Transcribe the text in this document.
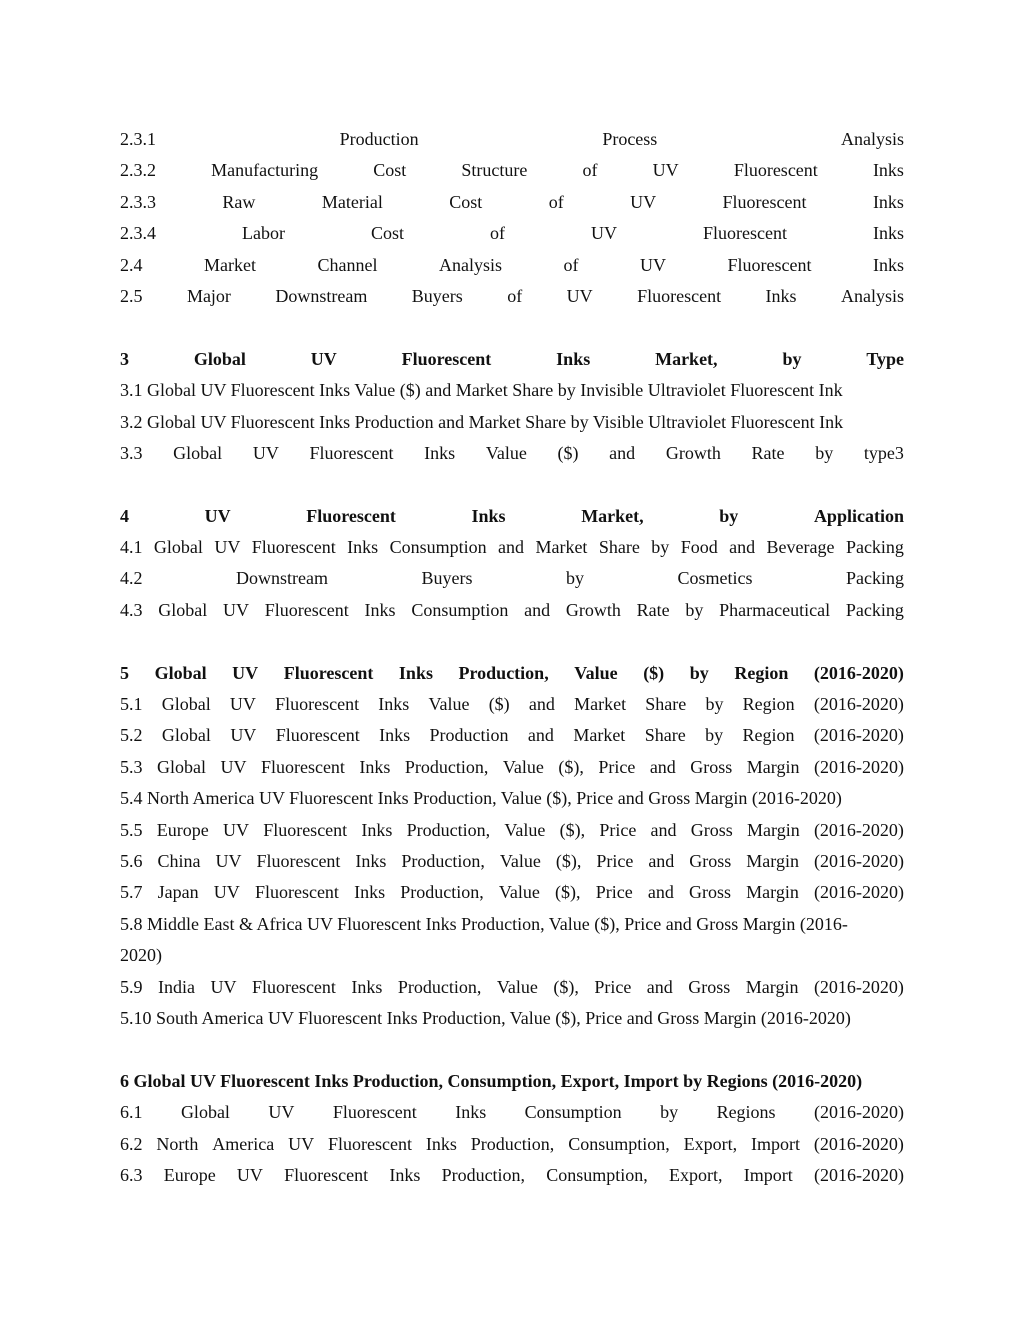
2.3.1	Production	Process	Analysis
2.3.2	Manufacturing	Cost	Structure	of	UV	Fluorescent	Inks
2.3.3	Raw	Material	Cost	of	UV	Fluorescent	Inks
2.3.4	Labor	Cost	of	UV	Fluorescent	Inks
2.4	Market	Channel	Analysis	of	UV	Fluorescent	Inks
2.5 Major Downstream Buyers of UV Fluorescent Inks Analysis
3	Global	UV	Fluorescent	Inks	Market,	by	Type
3.1 Global UV Fluorescent Inks Value ($) and Market Share by Invisible Ultraviolet Fluorescent Ink
3.2 Global UV Fluorescent Inks Production and Market Share by Visible Ultraviolet Fluorescent Ink
3.3 Global UV Fluorescent Inks Value ($) and Growth Rate by type3
4	UV	Fluorescent	Inks	Market,	by	Application
4.1 Global UV Fluorescent Inks Consumption and Market Share by Food and Beverage Packing
4.2	Downstream	Buyers	by	Cosmetics	Packing
4.3 Global UV Fluorescent Inks Consumption and Growth Rate by Pharmaceutical Packing
5 Global UV Fluorescent Inks Production, Value ($) by Region (2016-2020)
5.1 Global UV Fluorescent Inks Value ($) and Market Share by Region (2016-2020)
5.2 Global UV Fluorescent Inks Production and Market Share by Region (2016-2020)
5.3 Global UV Fluorescent Inks Production, Value ($), Price and Gross Margin (2016-2020)
5.4 North America UV Fluorescent Inks Production, Value ($), Price and Gross Margin (2016-2020)
5.5 Europe UV Fluorescent Inks Production, Value ($), Price and Gross Margin (2016-2020)
5.6 China UV Fluorescent Inks Production, Value ($), Price and Gross Margin (2016-2020)
5.7 Japan UV Fluorescent Inks Production, Value ($), Price and Gross Margin (2016-2020)
5.8 Middle East & Africa UV Fluorescent Inks Production, Value ($), Price and Gross Margin (2016-
2020)
5.9 India UV Fluorescent Inks Production, Value ($), Price and Gross Margin (2016-2020)
5.10 South America UV Fluorescent Inks Production, Value ($), Price and Gross Margin (2016-2020)
6 Global UV Fluorescent Inks Production, Consumption, Export, Import by Regions (2016-2020)
6.1 Global UV Fluorescent Inks Consumption by Regions (2016-2020)
6.2 North America UV Fluorescent Inks Production, Consumption, Export, Import (2016-2020)
6.3 Europe UV Fluorescent Inks Production, Consumption, Export, Import (2016-2020)
